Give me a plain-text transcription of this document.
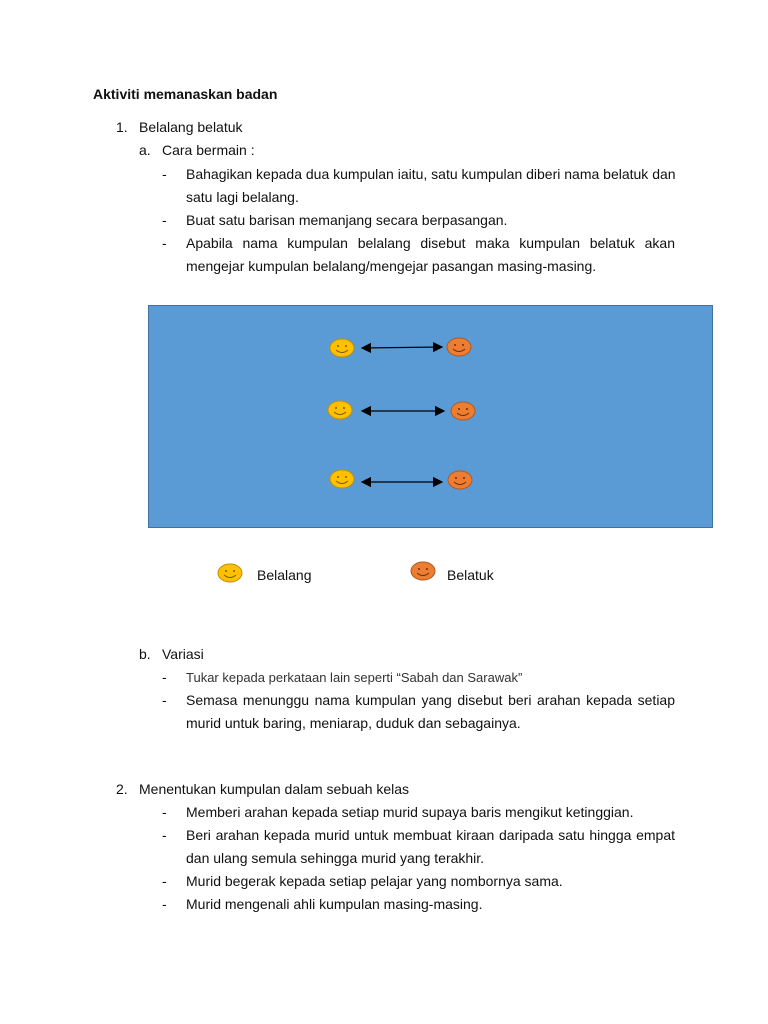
Aktiviti memanaskan badan
1. Belalang belatuk
a. Cara bermain :
- Bahagikan kepada dua kumpulan iaitu, satu kumpulan diberi nama belatuk dan
satu lagi belalang.
- Buat satu barisan memanjang secara berpasangan.
- Apabila nama kumpulan belalang disebut maka kumpulan belatuk akan
mengejar kumpulan belalang/mengejar pasangan masing-masing.
Belalang	Belatuk
b. Variasi
- Tukar kepada perkataan lain seperti “Sabah dan Sarawak”
- Semasa menunggu nama kumpulan yang disebut beri arahan kepada setiap
murid untuk baring, meniarap, duduk dan sebagainya.
2. Menentukan kumpulan dalam sebuah kelas
- Memberi arahan kepada setiap murid supaya baris mengikut ketinggian.
- Beri arahan kepada murid untuk membuat kiraan daripada satu hingga empat
dan ulang semula sehingga murid yang terakhir.
- Murid begerak kepada setiap pelajar yang nombornya sama.
- Murid mengenali ahli kumpulan masing-masing.
